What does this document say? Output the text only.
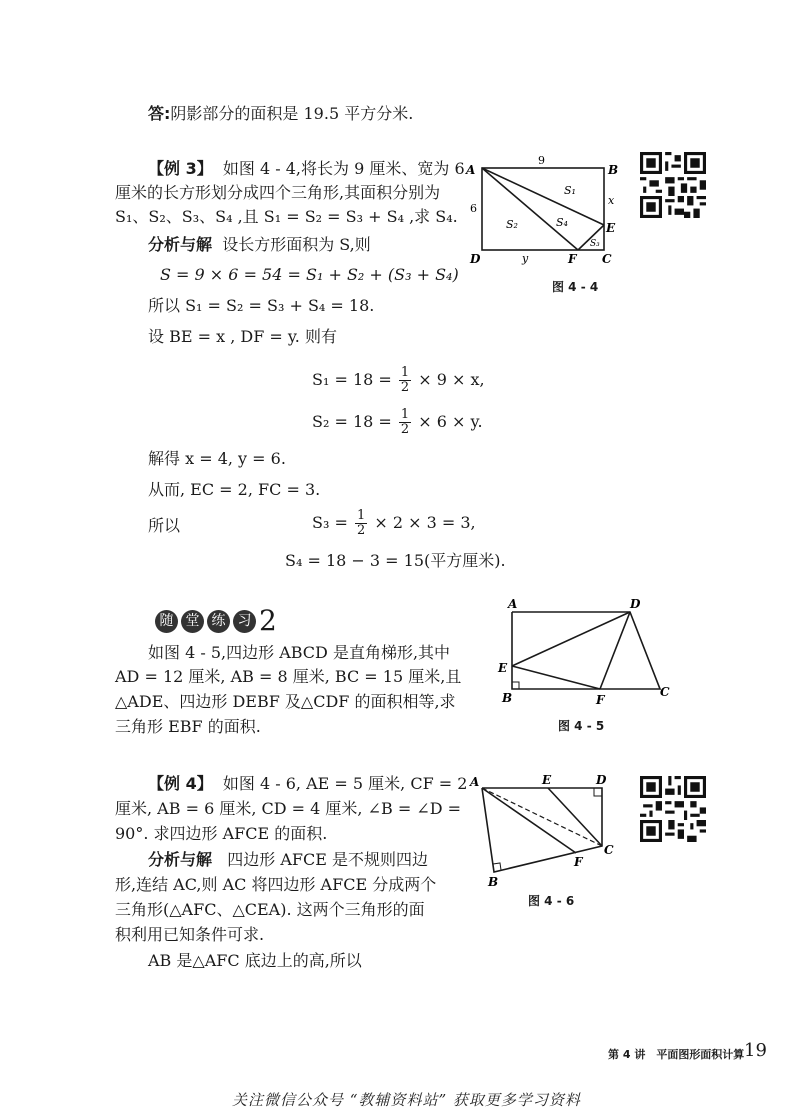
答:阴影部分的面积是 19.5 平方分米.
【例 3】 如图 4 - 4,将长为 9 厘米、宽为 6
厘米的长方形划分成四个三角形,其面积分别为
S₁、S₂、S₃、S₄ ,且 S₁ = S₂ = S₃ + S₄ ,求 S₄.
分析与解 设长方形面积为 S,则
S = 9 × 6 = 54 = S₁ + S₂ + (S₃ + S₄)
所以 S₁ = S₂ = S₃ + S₄ = 18.
设 BE = x , DF = y. 则有
$S_1 = 18 = \frac{1}{2} \times 9 \times x$,
$S_2 = 18 = \frac{1}{2} \times 6 \times y$.
解得 x = 4, y = 6.
从而, EC = 2, FC = 3.
所以	$S_3 = \frac{1}{2} \times 2 \times 3 = 3$,
S₄ = 18 − 3 = 15(平方厘米).
A	B
C
D
E
F
9
6
x
y
S₁
S₂
S₃
S₄
图 4 - 4
随 堂 练 习 2
如图 4 - 5,四边形 ABCD 是直角梯形,其中
AD = 12 厘米, AB = 8 厘米, BC = 15 厘米,且
△ADE、四边形 DEBF 及△CDF 的面积相等,求
三角形 EBF 的面积.
A	D
E
B	F
C
图 4 - 5
【例 4】 如图 4 - 6, AE = 5 厘米, CF = 2
厘米, AB = 6 厘米, CD = 4 厘米, ∠B = ∠D =
90°. 求四边形 AFCE 的面积.
分析与解 四边形 AFCE 是不规则四边
形,连结 AC,则 AC 将四边形 AFCE 分成两个
三角形(△AFC、△CEA). 这两个三角形的面
积利用已知条件可求.
AB 是△AFC 底边上的高,所以
A	E	D
C
F
B
图 4 - 6
第 4 讲　平面图形面积计算 19
关注微信公众号 “教辅资料站” 获取更多学习资料
